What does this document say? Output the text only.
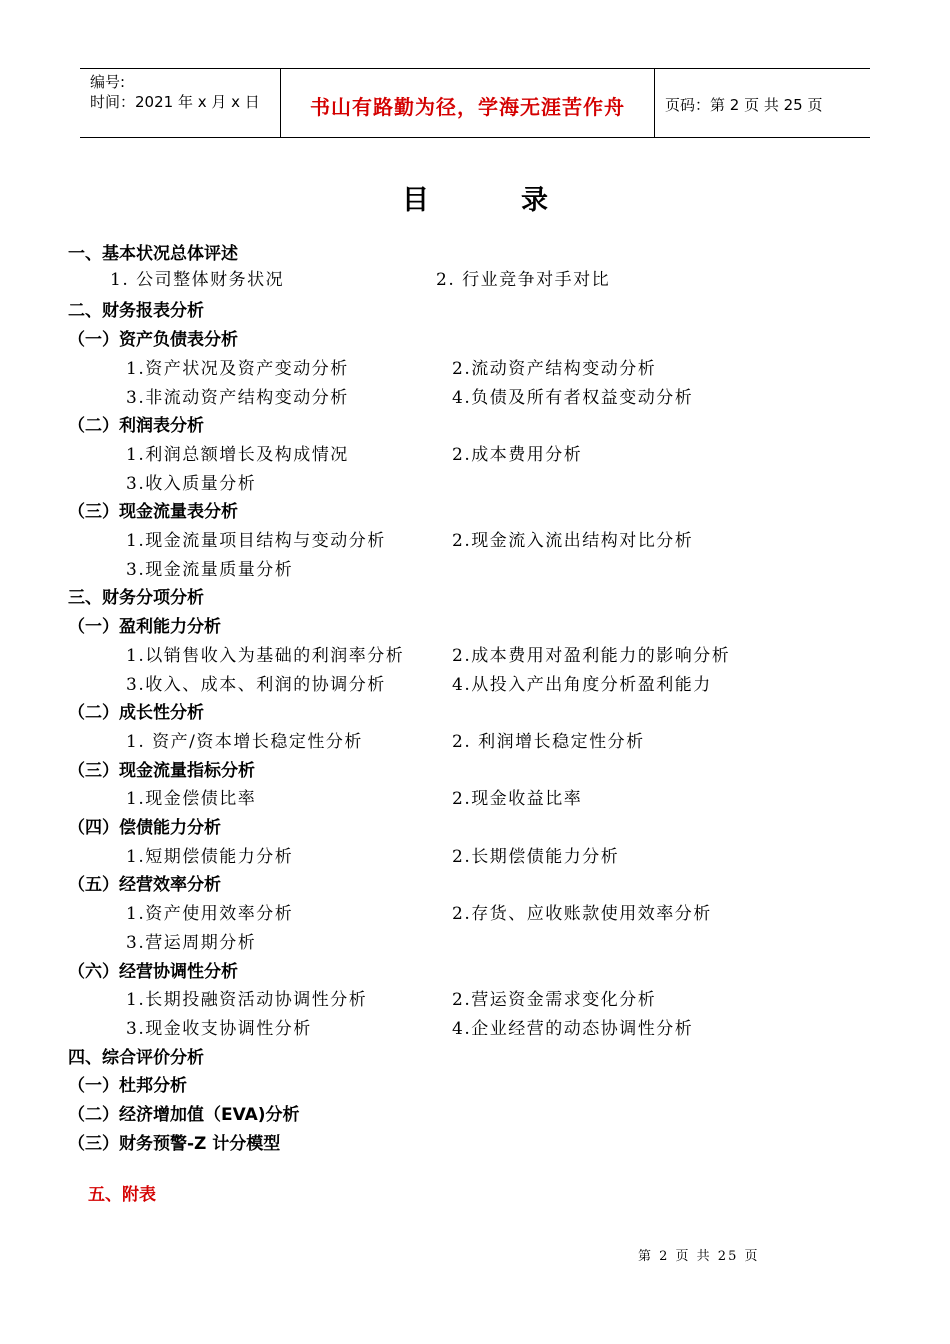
编号:
时间：2021 年 x 月 x 日	书山有路勤为径，学海无涯苦作舟	页码：第 2 页 共 25 页
目录
一、基本状况总体评述
1. 公司整体财务状况	2. 行业竞争对手对比
二、财务报表分析
（一）资产负债表分析
1.资产状况及资产变动分析	2.流动资产结构变动分析
3.非流动资产结构变动分析	4.负债及所有者权益变动分析
（二）利润表分析
1.利润总额增长及构成情况	2.成本费用分析
3.收入质量分析
（三）现金流量表分析
1.现金流量项目结构与变动分析	2.现金流入流出结构对比分析
3.现金流量质量分析
三、财务分项分析
（一）盈利能力分析
1.以销售收入为基础的利润率分析	2.成本费用对盈利能力的影响分析
3.收入、成本、利润的协调分析	4.从投入产出角度分析盈利能力
（二）成长性分析
1. 资产/资本增长稳定性分析	2. 利润增长稳定性分析
（三）现金流量指标分析
1.现金偿债比率	2.现金收益比率
（四）偿债能力分析
1.短期偿债能力分析	2.长期偿债能力分析
（五）经营效率分析
1.资产使用效率分析	2.存货、应收账款使用效率分析
3.营运周期分析
（六）经营协调性分析
1.长期投融资活动协调性分析	2.营运资金需求变化分析
3.现金收支协调性分析	4.企业经营的动态协调性分析
四、综合评价分析
（一）杜邦分析
（二）经济增加值（EVA)分析
（三）财务预警-Z 计分模型
五、附表
第 2 页 共 25 页
